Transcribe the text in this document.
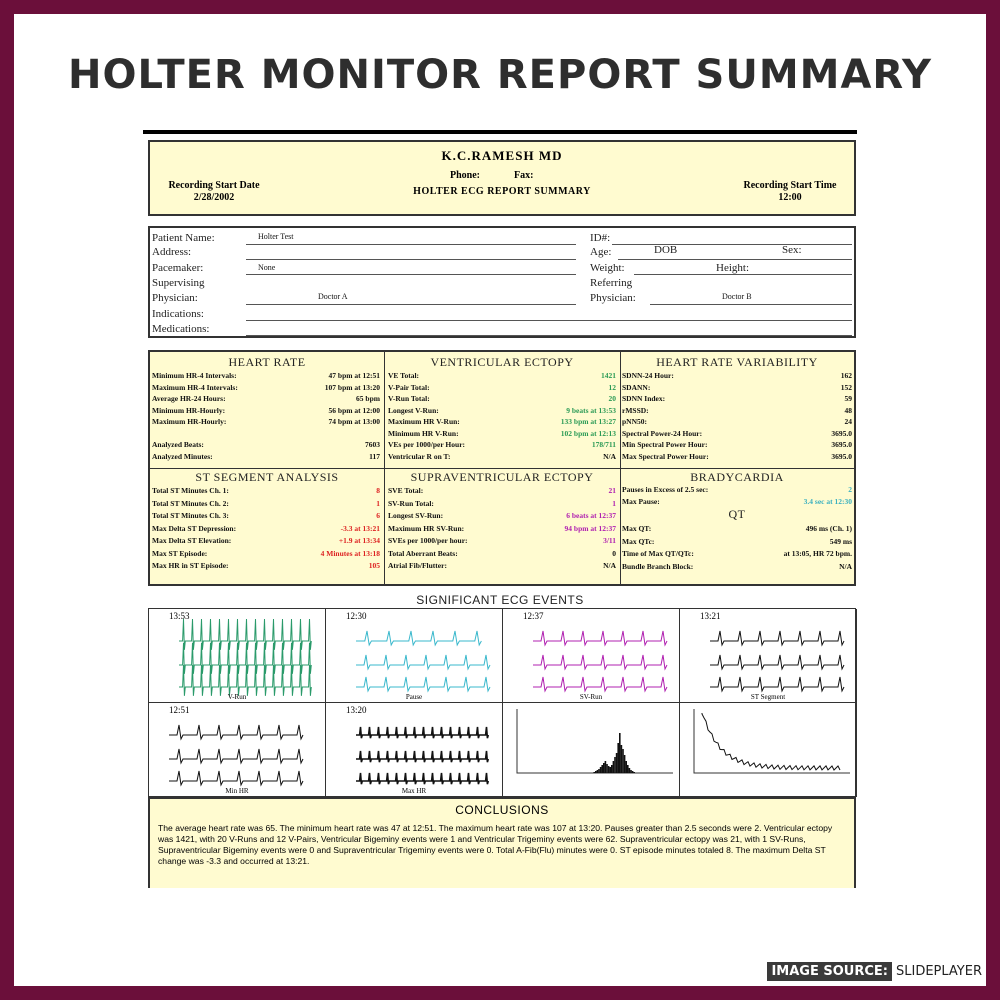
HOLTER MONITOR REPORT SUMMARY
K.C.RAMESH MD
Phone:	Fax:
HOLTER ECG REPORT SUMMARY
Recording Start Date
2/28/2002
Recording Start Time
12:00
Patient Name:	Holter Test
Address:
Pacemaker:	None
Supervising
Physician:	Doctor A
Indications:
Medications:
ID#:
Age:	DOB	Sex:
Weight:	Height:
Referring
Physician:	Doctor B
HEART RATE	VENTRICULAR ECTOPY	HEART RATE VARIABILITY
ST SEGMENT ANALYSIS	SUPRAVENTRICULAR ECTOPY	BRADYCARDIA
Minimum HR-4 Intervals:	47 bpm at 12:51
Maximum HR-4 Intervals:	107 bpm at 13:20
Average HR-24 Hours:	65 bpm
Minimum HR-Hourly:	56 bpm at 12:00
Maximum HR-Hourly:	74 bpm at 13:00
Analyzed Beats:	7603
Analyzed Minutes:	117
VE Total:	1421
V-Pair Total:	12
V-Run Total:	20
Longest V-Run:	9 beats at 13:53
Maximum HR V-Run:	133 bpm at 13:27
Minimum HR V-Run:	102 bpm at 12:13
VEs per 1000/per Hour:	178/711
Ventricular R on T:	N/A
SDNN-24 Hour:	162
SDANN:	152
SDNN Index:	59
rMSSD:	48
pNN50:	24
Spectral Power-24 Hour:	3695.0
Min Spectral Power Hour:	3695.0
Max Spectral Power Hour:	3695.0
Total ST Minutes Ch. 1:	8
Total ST Minutes Ch. 2:	1
Total ST Minutes Ch. 3:	6
Max Delta ST Depression:	-3.3 at 13:21
Max Delta ST Elevation:	+1.9 at 13:34
Max ST Episode:	4 Minutes at 13:18
Max HR in ST Episode:	105
SVE Total:	21
SV-Run Total:	1
Longest SV-Run:	6 beats at 12:37
Maximum HR SV-Run:	94 bpm at 12:37
SVEs per 1000/per hour:	3/11
Total Aberrant Beats:	0
Atrial Fib/Flutter:	N/A
Pauses in Excess of 2.5 sec:	2
Max Pause:	3.4 sec at 12:30
QT
Max QT:	496 ms (Ch. 1)
Max QTc:	549 ms
Time of Max QT/QTc:	at 13:05, HR 72 bpm.
Bundle Branch Block:	N/A
SIGNIFICANT ECG EVENTS
13:53
V-Run
12:30
Pause
12:37
SV-Run
13:21
ST Segment
12:51
Min HR
13:20
Max HR
CONCLUSIONS
The average heart rate was 65. The minimum heart rate was 47 at 12:51. The maximum heart rate was 107 at 13:20. Pauses greater than 2.5 seconds were 2. Ventricular ectopy was 1421, with 20 V-Runs and 12 V-Pairs, Ventricular Bigeminy events were 1 and Ventricular Trigeminy events were 62. Supraventricular ectopy was 21, with 1 SV-Runs, Supraventricular Bigeminy events were 0 and Supraventricular Trigeminy events were 0. Total A-Fib(Flu) minutes were 0. ST episode minutes totaled 8. The maximum Delta ST change was -3.3 and occurred at 13:21.
IMAGE SOURCE: SLIDEPLAYER
